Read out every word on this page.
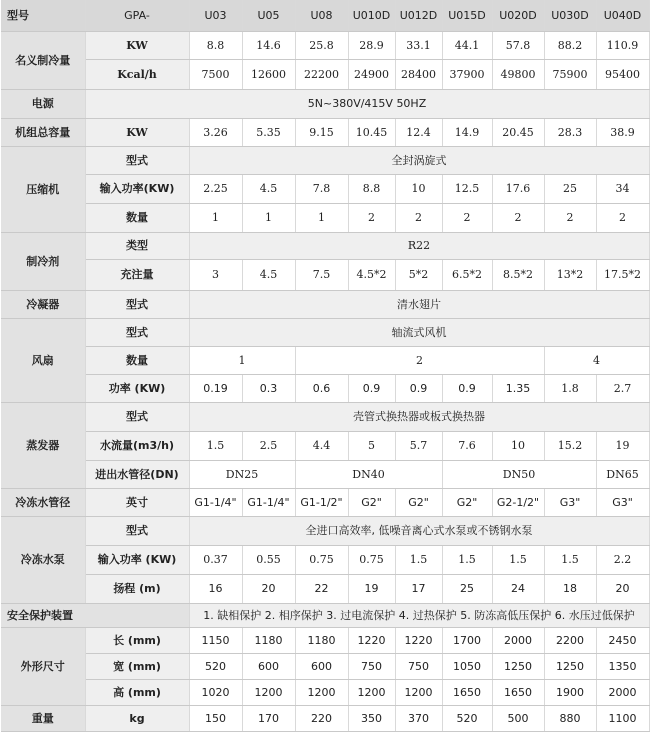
型号	GPA-	U03	U05	U08	U010D	U012D	U015D	U020D	U030D	U040D
名义制冷量	KW	8.8	14.6	25.8	28.9	33.1	44.1	57.8	88.2	110.9
	Kcal/h	7500	12600	22200	24900	28400	37900	49800	75900	95400
电源	5N~380V/415V 50HZ									
机组总容量	KW	3.26	5.35	9.15	10.45	12.4	14.9	20.45	28.3	38.9
压缩机	型式	全封涡旋式								
	输入功率(KW)	2.25	4.5	7.8	8.8	10	12.5	17.6	25	34
	数量	1	1	1	2	2	2	2	2	2
制冷剂	类型	R22								
	充注量	3	4.5	7.5	4.5*2	5*2	6.5*2	8.5*2	13*2	17.5*2
冷凝器	型式	清水翅片								
风扇	型式	轴流式风机								
	数量	1		2					4	
	功率 (KW)	0.19	0.3	0.6	0.9	0.9	0.9	1.35	1.8	2.7
蒸发器	型式	壳管式换热器或板式换热器								
	水流量(m3/h)	1.5	2.5	4.4	5	5.7	7.6	10	15.2	19
	进出水管径(DN)	DN25		DN40			DN50			DN65
冷冻水管径	英寸	G1-1/4"	G1-1/4"	G1-1/2"	G2"	G2"	G2"	G2-1/2"	G3"	G3"
冷冻水泵	型式	全进口高效率, 低噪音离心式水泵或不锈钢水泵								
	输入功率 (KW)	0.37	0.55	0.75	0.75	1.5	1.5	1.5	1.5	2.2
	扬程 (m)	16	20	22	19	17	25	24	18	20
安全保护装置		1. 缺相保护 2. 相序保护 3. 过电流保护 4. 过热保护 5. 防冻高低压保护 6. 水压过低保护								
外形尺寸	长 (mm)	1150	1180	1180	1220	1220	1700	2000	2200	2450
	宽 (mm)	520	600	600	750	750	1050	1250	1250	1350
	高 (mm)	1020	1200	1200	1200	1200	1650	1650	1900	2000
重量	kg	150	170	220	350	370	520	500	880	1100
